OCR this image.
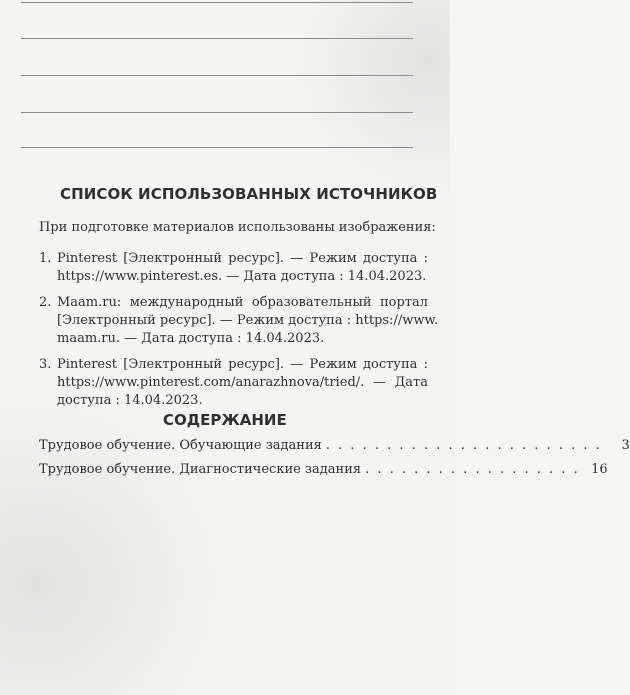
СПИСОК ИСПОЛЬЗОВАННЫХ ИСТОЧНИКОВ
При подготовке материалов использованы изображения:
1. Pinterest [Электронный ресурс]. — Режим доступа :
https://www.pinterest.es. — Дата доступа : 14.04.2023.
2. Maam.ru: международный образовательный портал
[Электронный ресурс]. — Режим доступа : https://www.
maam.ru. — Дата доступа : 14.04.2023.
3. Pinterest [Электронный ресурс]. — Режим доступа :
https://www.pinterest.com/anarazhnova/tried/. — Дата
доступа : 14.04.2023.
СОДЕРЖАНИЕ
Трудовое обучение. Обучающие задания . . . . . . . . . . . . . . . . . . . . . . .	3
Трудовое обучение. Диагностические задания . . . . . . . . . . . . . . . . . . 16
